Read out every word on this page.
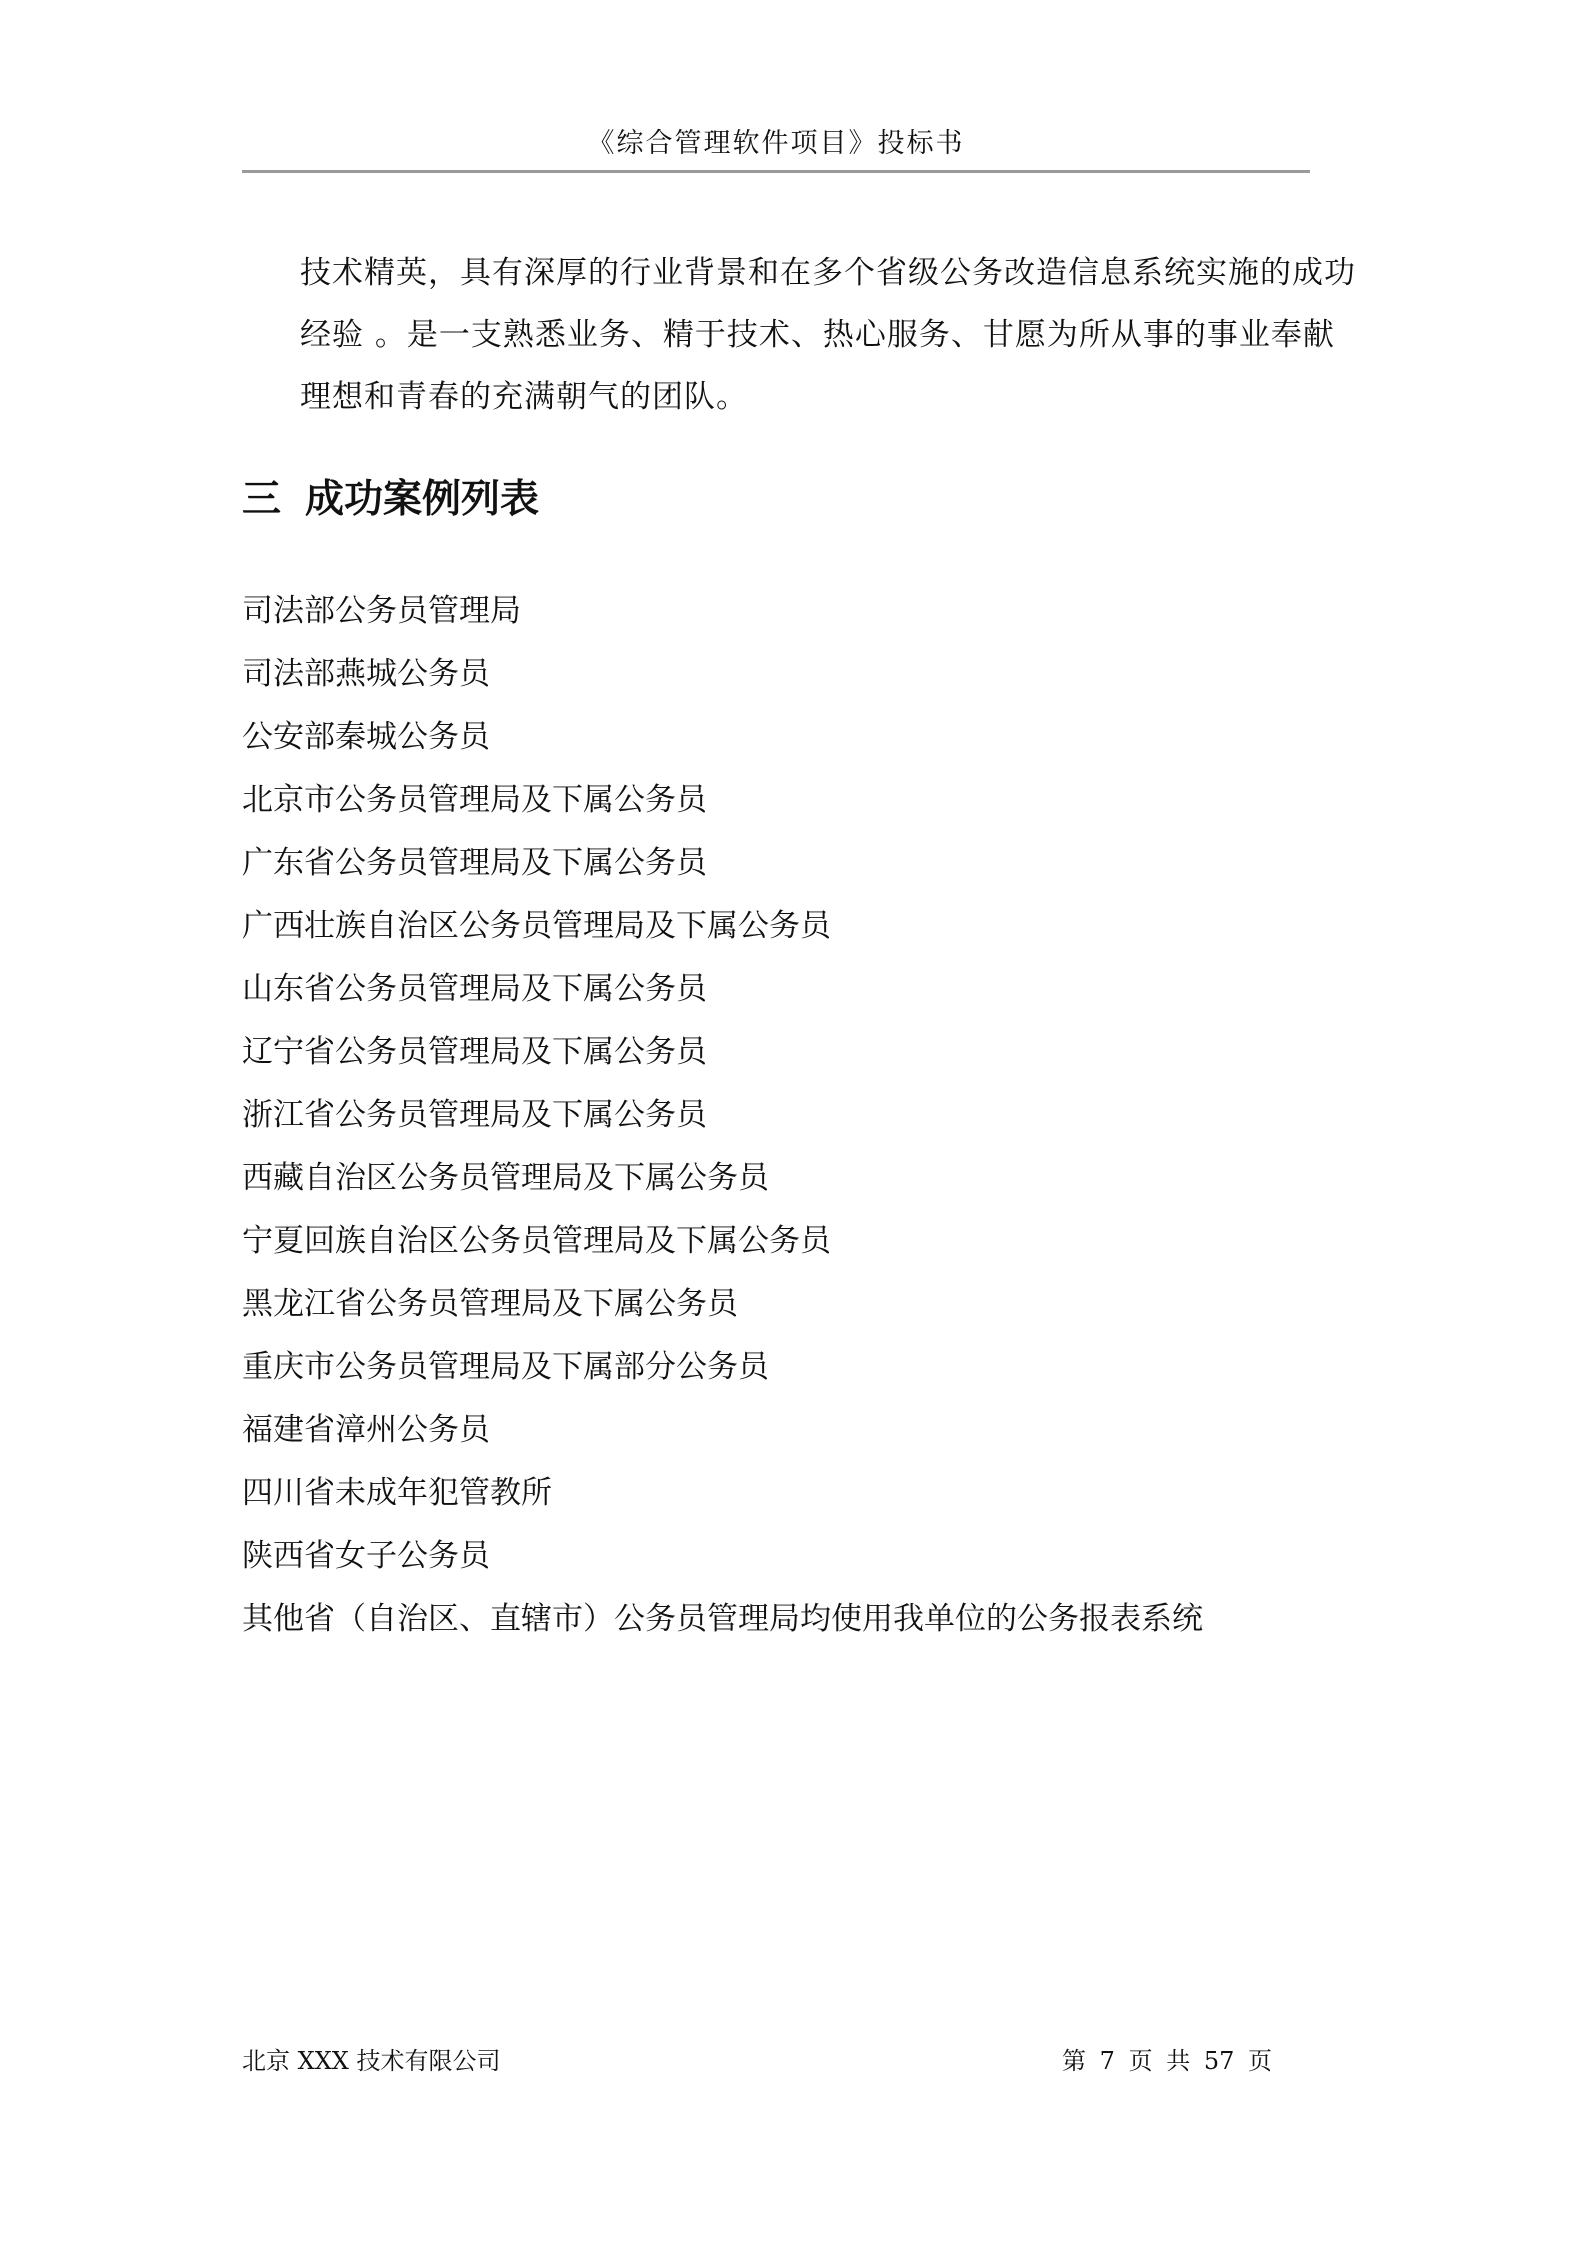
《综合管理软件项目》投标书

技术精英，具有深厚的行业背景和在多个省级公务改造信息系统实施的成功
经验 。是一支熟悉业务、精于技术、热心服务、甘愿为所从事的事业奉献
理想和青春的充满朝气的团队。

三 成功案例列表
司法部公务员管理局
司法部燕城公务员
公安部秦城公务员
北京市公务员管理局及下属公务员
广东省公务员管理局及下属公务员
广西壮族自治区公务员管理局及下属公务员
山东省公务员管理局及下属公务员
辽宁省公务员管理局及下属公务员
浙江省公务员管理局及下属公务员
西藏自治区公务员管理局及下属公务员
宁夏回族自治区公务员管理局及下属公务员
黑龙江省公务员管理局及下属公务员
重庆市公务员管理局及下属部分公务员
福建省漳州公务员
四川省未成年犯管教所
陕西省女子公务员
其他省（自治区、直辖市）公务员管理局均使用我单位的公务报表系统
北京 XXX 技术有限公司	第 7 页 共 57 页
